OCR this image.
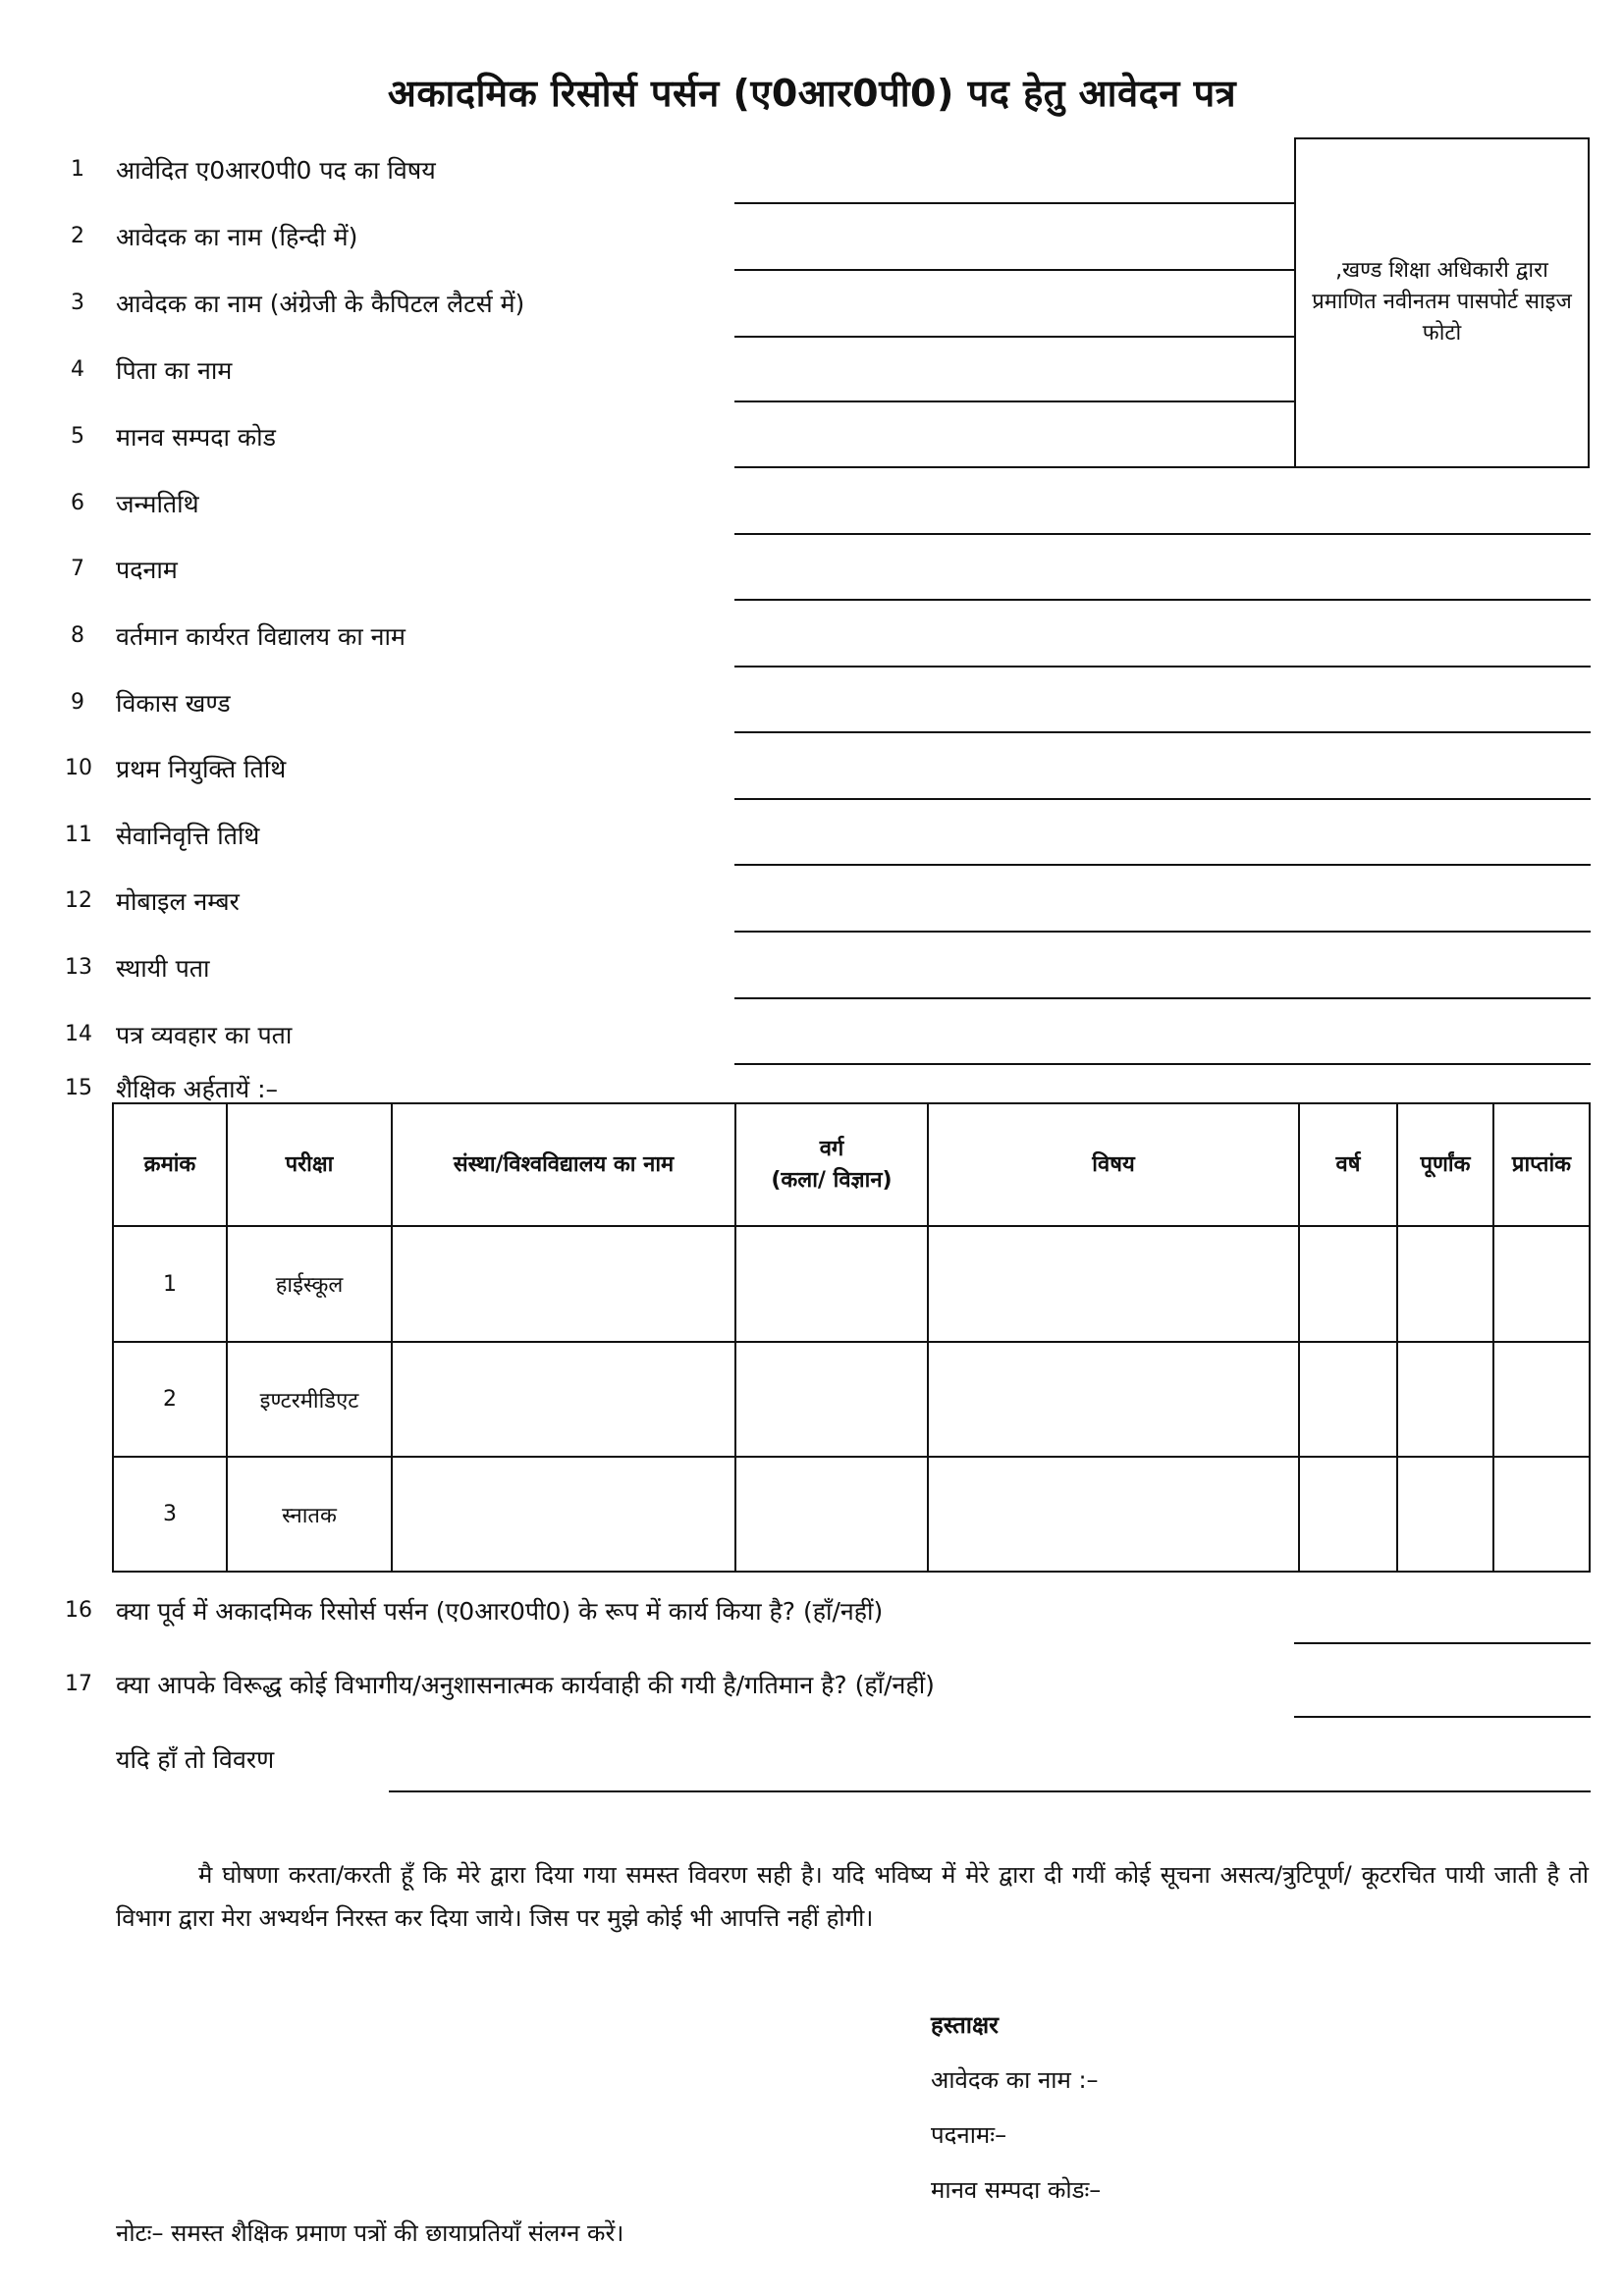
अकादमिक रिसोर्स पर्सन (ए0आर0पी0) पद हेतु आवेदन पत्र
,खण्ड शिक्षा अधिकारी द्वारा प्रमाणित नवीनतम पासपोर्ट साइज फोटो
1	आवेदित ए0आर0पी0 पद का विषय
2	आवेदक का नाम (हिन्दी में)
3	आवेदक का नाम (अंग्रेजी के कैपिटल लैटर्स में)
4	पिता का नाम
5	मानव सम्पदा कोड
6	जन्मतिथि
7	पदनाम
8	वर्तमान कार्यरत विद्यालय का नाम
9	विकास खण्ड
10 प्रथम नियुक्ति तिथि
11 सेवानिवृत्ति तिथि
12 मोबाइल नम्बर
13 स्थायी पता
14 पत्र व्यवहार का पता
15 शैक्षिक अर्हतायें :–
क्रमांक	परीक्षा	संस्था/विश्वविद्यालय का नाम	वर्ग
(कला/ विज्ञान)	विषय	वर्ष	पूर्णांक	प्राप्तांक
1	हाईस्कूल						
2	इण्टरमीडिएट						
3	स्नातक						
16 क्या पूर्व में अकादमिक रिसोर्स पर्सन (ए0आर0पी0) के रूप में कार्य किया है? (हाँ/नहीं)
17 क्या आपके विरूद्ध कोई विभागीय/अनुशासनात्मक कार्यवाही की गयी है/गतिमान है? (हाँ/नहीं)
यदि हाँ तो विवरण
मै घोषणा करता/करती हूँ कि मेरे द्वारा दिया गया समस्त विवरण सही है। यदि भविष्य में मेरे द्वारा दी गयीं कोई सूचना असत्य/त्रुटिपूर्ण/ कूटरचित पायी जाती है तो विभाग द्वारा मेरा अभ्यर्थन निरस्त कर दिया जाये। जिस पर मुझे कोई भी आपत्ति नहीं होगी।
हस्ताक्षर
आवेदक का नाम :–
पदनामः–
मानव सम्पदा कोडः–
नोटः– समस्त शैक्षिक प्रमाण पत्रों की छायाप्रतियाँ संलग्न करें।
